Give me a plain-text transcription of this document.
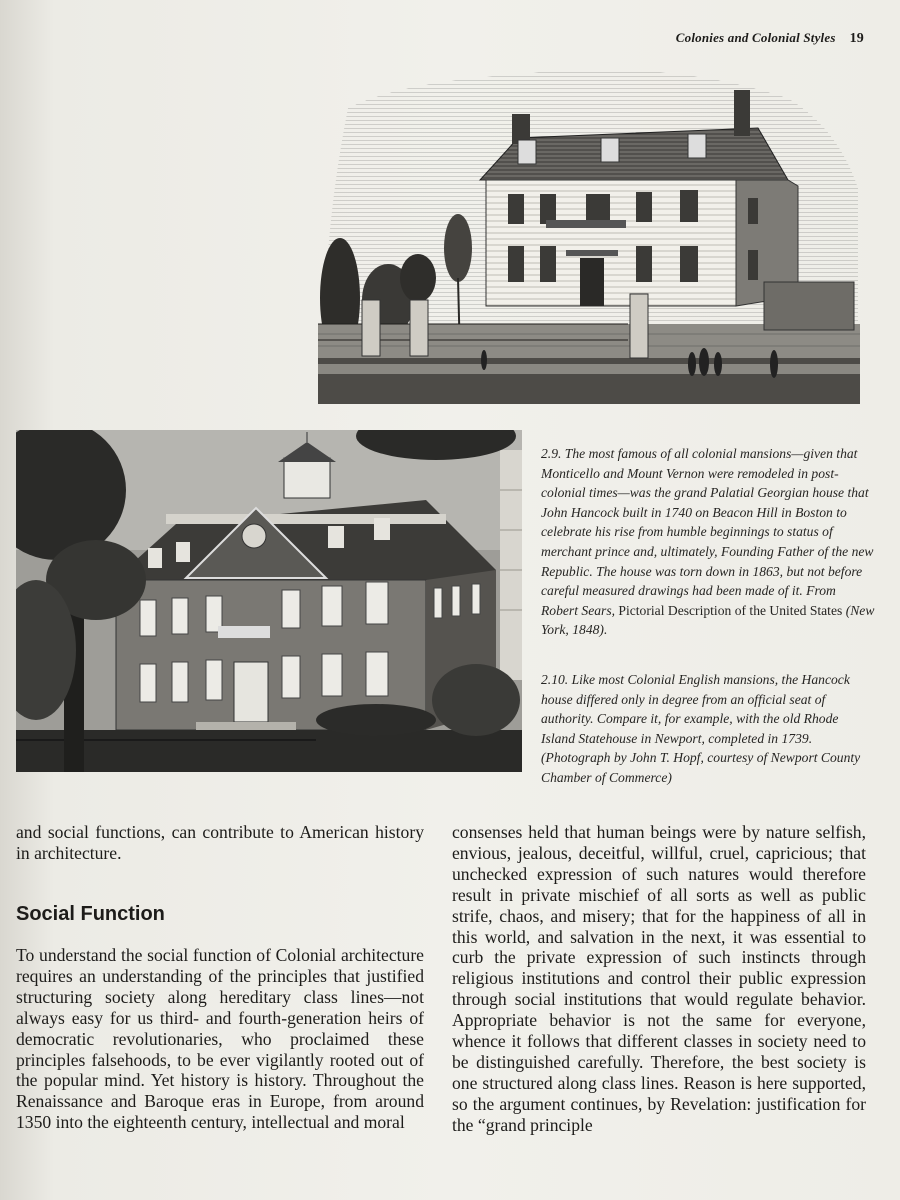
Colonies and Colonial Styles 19
2.9. The most famous of all colonial mansions—given that Monticello and Mount Vernon were remodeled in post-colonial times—was the grand Palatial Georgian house that John Hancock built in 1740 on Beacon Hill in Boston to celebrate his rise from humble beginnings to status of merchant prince and, ultimately, Founding Father of the new Republic. The house was torn down in 1863, but not before careful measured drawings had been made of it. From Robert Sears, Pictorial Description of the United States (New York, 1848).
2.10. Like most Colonial English mansions, the Hancock house differed only in degree from an official seat of authority. Compare it, for example, with the old Rhode Island Statehouse in Newport, completed in 1739. (Photograph by John T. Hopf, courtesy of Newport County Chamber of Commerce)

and social functions, can contribute to American history in architecture.

Social Function

To understand the social function of Colonial architecture requires an understanding of the principles that justified structuring society along hereditary class lines—not always easy for us third- and fourth-generation heirs of democratic revolutionaries, who proclaimed these principles falsehoods, to be ever vigilantly rooted out of the popular mind. Yet history is history. Throughout the Renaissance and Baroque eras in Europe, from around 1350 into the eighteenth century, intellectual and moral

consenses held that human beings were by nature selfish, envious, jealous, deceitful, willful, cruel, capricious; that unchecked expression of such natures would therefore result in private mischief of all sorts as well as public strife, chaos, and misery; that for the happiness of all in this world, and salvation in the next, it was essential to curb the private expression of such instincts through religious institutions and control their public expression through social institutions that would regulate behavior. Appropriate behavior is not the same for everyone, whence it follows that different classes in society need to be distinguished carefully. Therefore, the best society is one structured along class lines. Reason is here supported, so the argument continues, by Revelation: justification for the “grand principle
